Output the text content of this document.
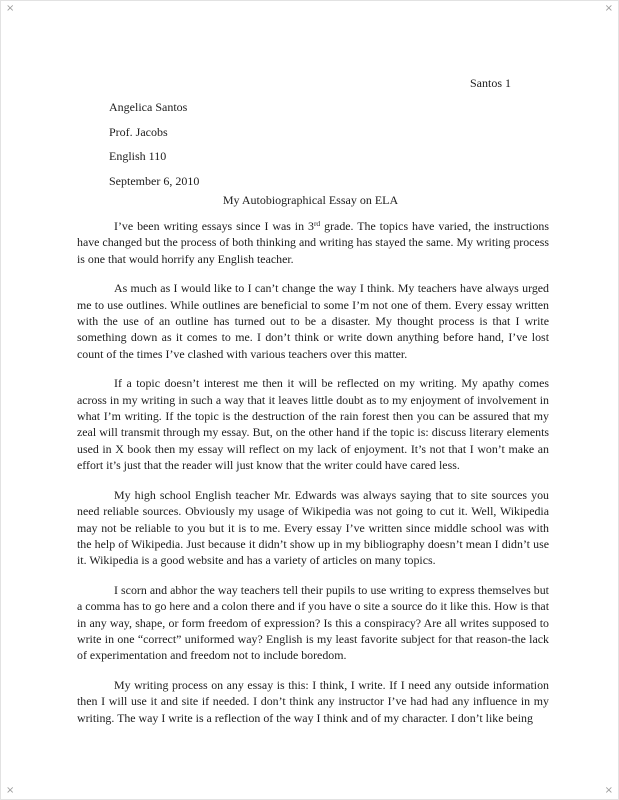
×	×
×	×
Santos 1
Angelica Santos
Prof. Jacobs
English 110
September 6, 2010
My Autobiographical Essay on ELA

I’ve been writing essays since I was in 3rd grade. The topics have varied, the instructions have changed but the process of both thinking and writing has stayed the same. My writing process is one that would horrify any English teacher.

As much as I would like to I can’t change the way I think. My teachers have always urged me to use outlines. While outlines are beneficial to some I’m not one of them. Every essay written with the use of an outline has turned out to be a disaster. My thought process is that I write something down as it comes to me. I don’t think or write down anything before hand, I’ve lost count of the times I’ve clashed with various teachers over this matter.

If a topic doesn’t interest me then it will be reflected on my writing. My apathy comes across in my writing in such a way that it leaves little doubt as to my enjoyment of involvement in what I’m writing. If the topic is the destruction of the rain forest then you can be assured that my zeal will transmit through my essay. But, on the other hand if the topic is: discuss literary elements used in X book then my essay will reflect on my lack of enjoyment. It’s not that I won’t make an effort it’s just that the reader will just know that the writer could have cared less.

My high school English teacher Mr. Edwards was always saying that to site sources you need reliable sources. Obviously my usage of Wikipedia was not going to cut it. Well, Wikipedia may not be reliable to you but it is to me. Every essay I’ve written since middle school was with the help of Wikipedia. Just because it didn’t show up in my bibliography doesn’t mean I didn’t use it. Wikipedia is a good website and has a variety of articles on many topics.

I scorn and abhor the way teachers tell their pupils to use writing to express themselves but a comma has to go here and a colon there and if you have o site a source do it like this. How is that in any way, shape, or form freedom of expression? Is this a conspiracy? Are all writes supposed to write in one “correct” uniformed way? English is my least favorite subject for that reason-the lack of experimentation and freedom not to include boredom.

My writing process on any essay is this: I think, I write. If I need any outside information then I will use it and site if needed. I don’t think any instructor I’ve had had any influence in my writing. The way I write is a reflection of the way I think and of my character. I don’t like being
